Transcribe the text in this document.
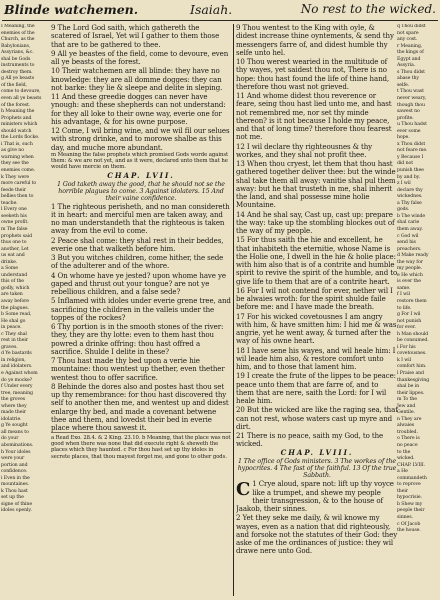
Blinde watchemen.	Isaiah.	No rest to the wicked.

I Meaning, the

enemies of the

Church, as the

Babylonians,

Assyrians, &c.

shal be Gods

instruments to

destroy them.

g All ye beasts

of the field,

come to devoure,

even all ye beasts

of the forest.

h Meaning the

Prophets and

ministers which

should watch

the Lords flocke.

i That is, such

as give no

warning when

they see the

enemies come.

k They were

more careful to

feede their

bellies then to

teache.

l Every one

seeketh his

owne profit.

m The false

prophets said

thus one to

another, Let

us eat and

drinke.

a Some

understand

this of the

godly, which

are taken

away before

the plagues.

b Some read,

He shal go

in peace.

c They shal

rest in their

graves.

d Ye bastards

in religion,

and idolaters.

e Against whom

do ye mocke?

f Under every

tree, meaning

the groves

where they

made their

idolatrie.

g Ye sought

all means to

do your

abominations.

h Your idoles

were your

portion and

confidence.

i Even in the

mountaines.

k Thou hast

set up the

signe of thine

idoles openly.

9 The Lord God saith, which gathereth the scatered of Israel, Yet wil I gather to them those that are to be gathered to thee.

9 All ye beastes of the field, come to devoure, even all ye beasts of the forest.

10 Their watchemen are all blinde: they have no knowledge: they are all domme dogges: they can not barke: they lie & sleepe and delite in sleping.

11 And these greedie dogges can never have ynough: and these shepherds can not understand: for they all loke to their owne way, everie one for his advantage, & for his owne purpose.

12 Come, I wil bring wine, and we wil fil our selues with strong drinke, and to morowe shalbe as this day, and muche more abundant.

m Meaning the false prophets which promised Gods worde against them: & we are not yet, and as it were, declared unto them that he would have mercie on them.

CHAP. LVII.

1 God taketh away the good, that he should not se the horrible plagues to come. 3 Against idolaters. 15 And their vaine confidence.

1 The righteous perisheth, and no man considereth it in heart: and merciful men are taken away, and no man understandeth that the righteous is taken away from the evil to come.

2 Peace shal come: they shal rest in their beddes, everie one that walketh before him.

3 But you witches children, come hither, the sede of the adulterer and of the whore.

4 On whome have ye jested? upon whome have ye gaped and thrust out your tongue? are not ye rebellious children, and a false sede?

5 Inflamed with idoles under everie grene tree, and sacrificing the children in the valleis under the toppes of the rockes?

6 Thy portion is in the smooth stones of the river: they, they are thy lotte: even to them hast thou powred a drinke offring: thou hast offred a sacrifice. Shulde I delite in these?

7 Thou hast made thy bed upon a verie hie mountaine: thou wentest up thether, even thether wentest thou to offer sacrifice.

8 Behinde the dores also and postes hast thou set up thy remembrance: for thou hast discovered thy self to another then me, and wentest up and didest enlarge thy bed, and made a covenant betwene thee and them, and lovedst their bed in everie place where thou sawest it.

a Read Exo. 28.4. & 2 King. 23.10. b Meaning, that the place was not good when there was none that did execute right & sheweth the places which they haunted. c For thou hast set up thy idoles in secrete places, that thou mayest forget me, and gone to other gods.

9 Thou wentest to the King with oyle, & didest increase thine oyntements, & send thy messengers farre of, and didest humble thy selfe unto hel.

10 Thou werest wearied in the multitude of thy wayes, yet saidest thou not, There is no hope: thou hast found the life of thine hand, therefore thou wast not grieved.

11 And whome didest thou reverence or feare, seing thou hast lied unto me, and hast not remembred me, nor set thy minde thereon? is it not because I holde my peace, and that of long time? therefore thou fearest not me.

12 I wil declare thy righteousnes & thy workes, and they shal not profit thee.

13 When thou cryest, let them that thou hast gathered together deliver thee: but the winde shal take them all away: vanitie shal pul them away: but he that trusteth in me, shal inherit the land, and shal possesse mine holie Mountaine.

14 And he shal say, Cast up, cast up: prepare the way: take up the stombling blockes out of the way of my people.

15 For thus saith the hie and excellent, he that inhabiteth the eternitie, whose Name is the Holie one, I dwell in the hie & holie place: with him also that is of a contrite and humble spirit to revive the spirit of the humble, and to give life to them that are of a contrite heart.

16 For I wil not contend for ever, nether wil I be alwaies wroth: for the spirit shulde faile before me: and I have made the breath.

17 For his wicked covetousnes I am angry with him, & have smitten him: I hid me & was angrie, yet he went away, & turned after the way of his owne heart.

18 I have sene his wayes, and wil heale him: I wil leade him also, & restore comfort unto him, and to those that lament him.

19 I create the frute of the lippes to be peace: peace unto them that are farre of, and to them that are nere, saith the Lord: for I wil heale him.

20 But the wicked are like the raging sea, that can not rest, whose waters cast up myre and dirt.

21 There is no peace, saith my God, to the wicked.

CHAP. LVIII.

1 The office of Gods ministers. 3 The workes of the hypocrites. 4 The fast of the faithful. 13 Of the true Sabbath.

C 1 Crye aloud, spare not: lift up thy voyce like a trumpet, and shewe my people their transgression, & to the house of Jaakob, their sinnes.

2 Yet they seke me daily, & wil knowe my wayes, even as a nation that did righteously, and forsoke not the statutes of their God: they aske of me the ordinances of justice: they wil drawe nere unto God.

q Thou didst

not spare

any cost.

r Meaning,

the kings of

Egypt and

Assyria.

s Thou didst

abase thy

selfe.

t Thou wast

never weary,

though thou

sawest no

profite.

u Thou hadst

ever some

hope.

x Thou didst

not feare me.

y Because I

did not

punish thee

by and by.

z I wil

declare thy

wickednes.

a Thy false

gods.

b The winde

shal carie

them away.

c God wil

send his

preachers.

d Make ready

the way for

my people.

e He which

is ever the

same.

f I wil

restore them

to life.

g For I wil

not punish

for ever.

h Man should

be consumed.

i For his

covetousnes.

k I wil

comfort him.

l Praise and

thankesgiving

shal be in

their lippes.

m To the

Jew and

Gentile.

n They are

alwaies

troubled.

o There is

no peace

to the

wicked.

CHAP. LVIII.

a He

commandeth

to reprove

their

hypocrisie.

b Shew my

people their

sinnes.

c Of Jacob

the house.
